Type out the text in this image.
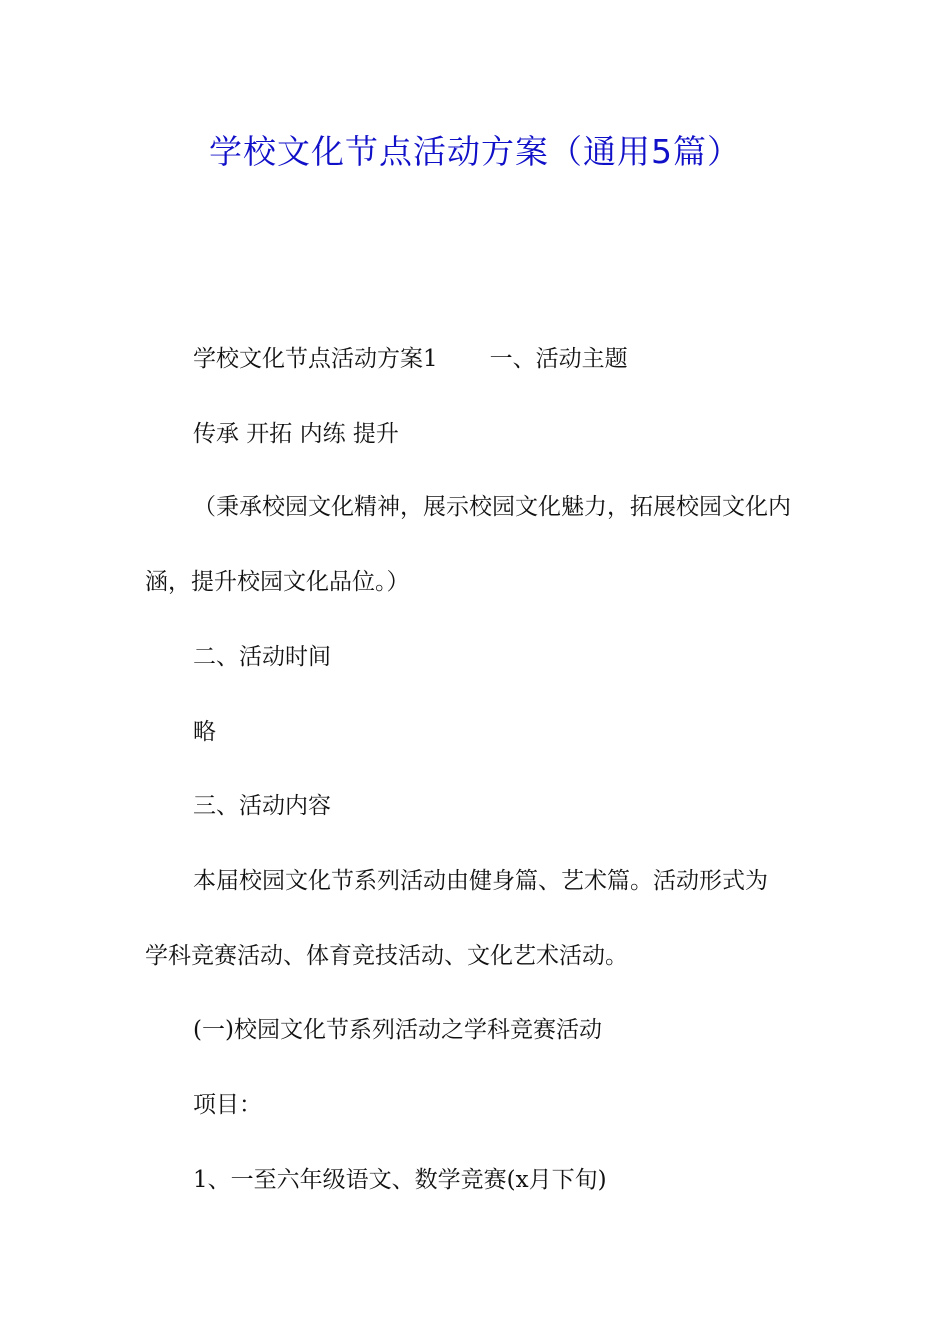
学校文化节点活动方案（通用5篇）

学校文化节点活动方案1 一、活动主题

传承 开拓 内练 提升

（秉承校园文化精神，展示校园文化魅力，拓展校园文化内

涵，提升校园文化品位。）

二、活动时间

略

三、活动内容

本届校园文化节系列活动由健身篇、艺术篇。活动形式为

学科竞赛活动、体育竞技活动、文化艺术活动。

(一)校园文化节系列活动之学科竞赛活动

项目：

1、一至六年级语文、数学竞赛(x月下旬)
